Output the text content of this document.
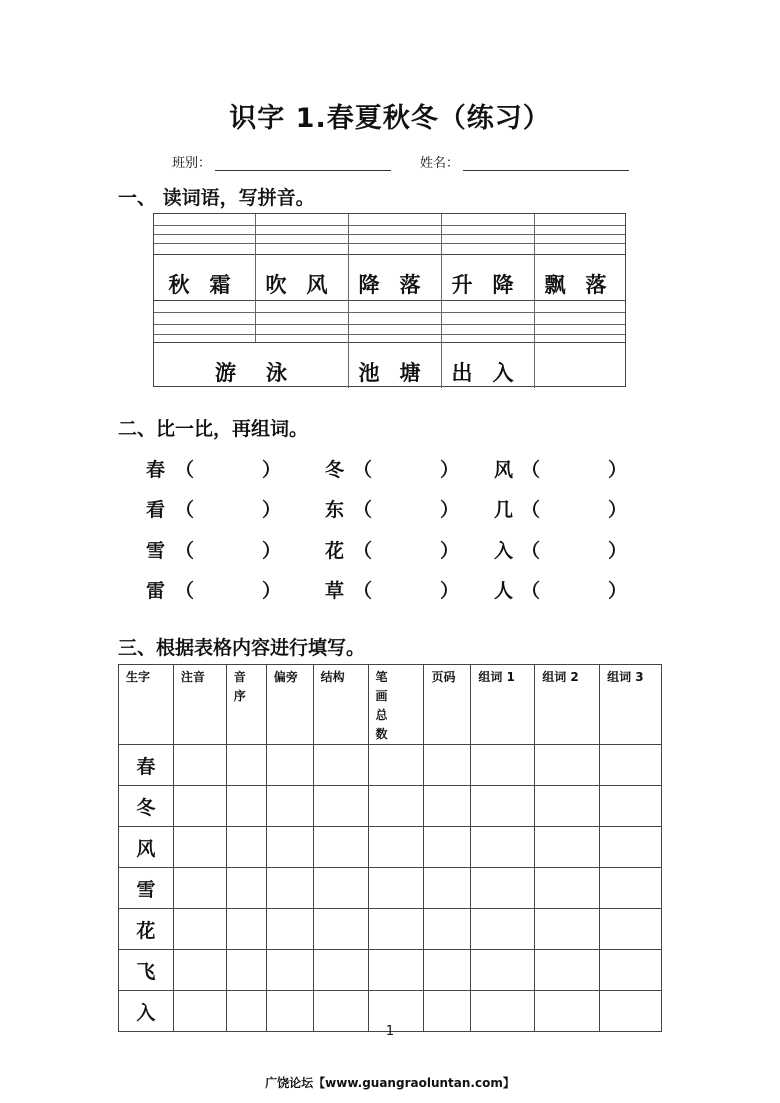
识字 1.春夏秋冬（练习）
班别：	姓名：
一、 读词语，写拼音。
秋霜 吹风 降落 升降 飘落
游泳	池塘 出入
二、比一比，再组词。
春 （	） 冬 （	） 风 （	）
看 （	） 东 （	） 几 （	）
雪 （	） 花 （	） 入 （	）
雷 （	） 草 （	） 人 （	）
三、根据表格内容进行填写。
生字	注音	音序	偏旁	结构	笔画总数	页码	组词 1	组词 2	组词 3
春									
冬									
风									
雪									
花									
飞									
入									
1
广饶论坛【www.guangraoluntan.com】
